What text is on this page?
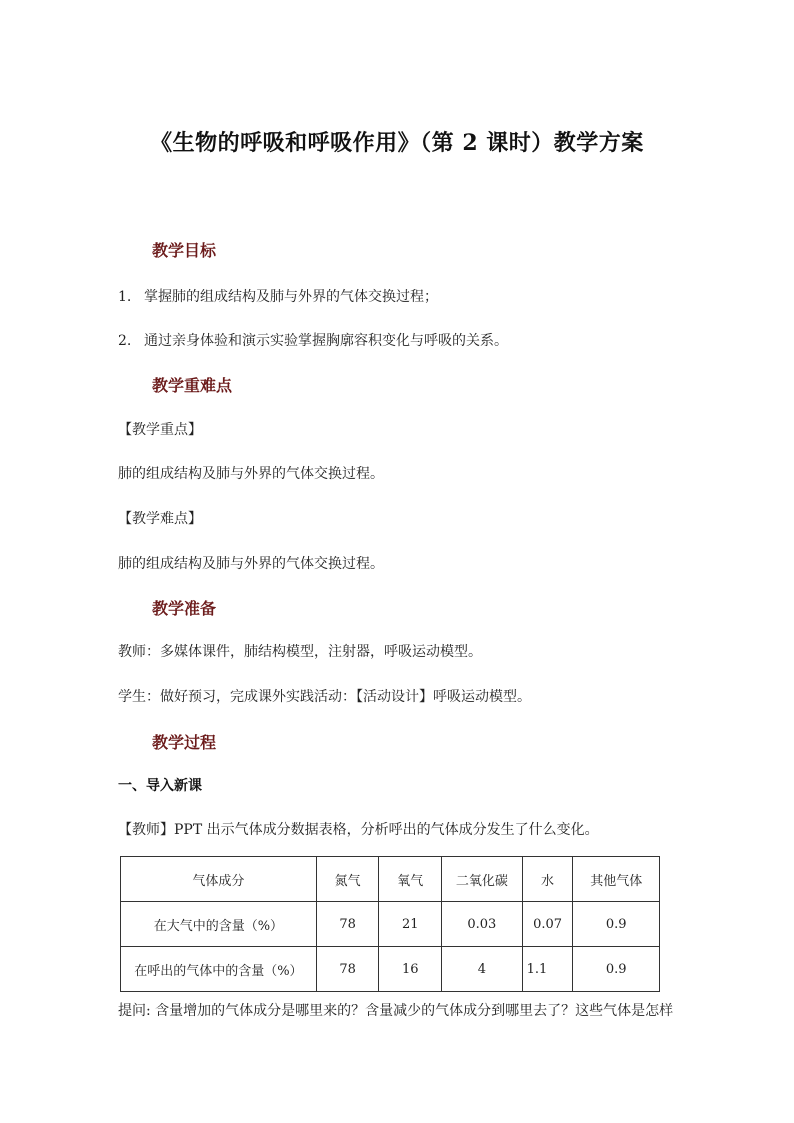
《生物的呼吸和呼吸作用》（第 2 课时）教学方案
教学目标
1. 掌握肺的组成结构及肺与外界的气体交换过程；
2. 通过亲身体验和演示实验掌握胸廓容积变化与呼吸的关系。
教学重难点
【教学重点】
肺的组成结构及肺与外界的气体交换过程。
【教学难点】
肺的组成结构及肺与外界的气体交换过程。
教学准备
教师：多媒体课件，肺结构模型，注射器，呼吸运动模型。
学生：做好预习，完成课外实践活动：【活动设计】呼吸运动模型。
教学过程
一、导入新课
【教师】PPT 出示气体成分数据表格，分析呼出的气体成分发生了什么变化。
气体成分	氮气	氧气	二氧化碳	水	其他气体
在大气中的含量（%）	78	21	0.03	0.07	0.9
在呼出的气体中的含量（%）	78	16	4	1.1	0.9
提问: 含量增加的气体成分是哪里来的？含量减少的气体成分到哪里去了？这些气体是怎样
